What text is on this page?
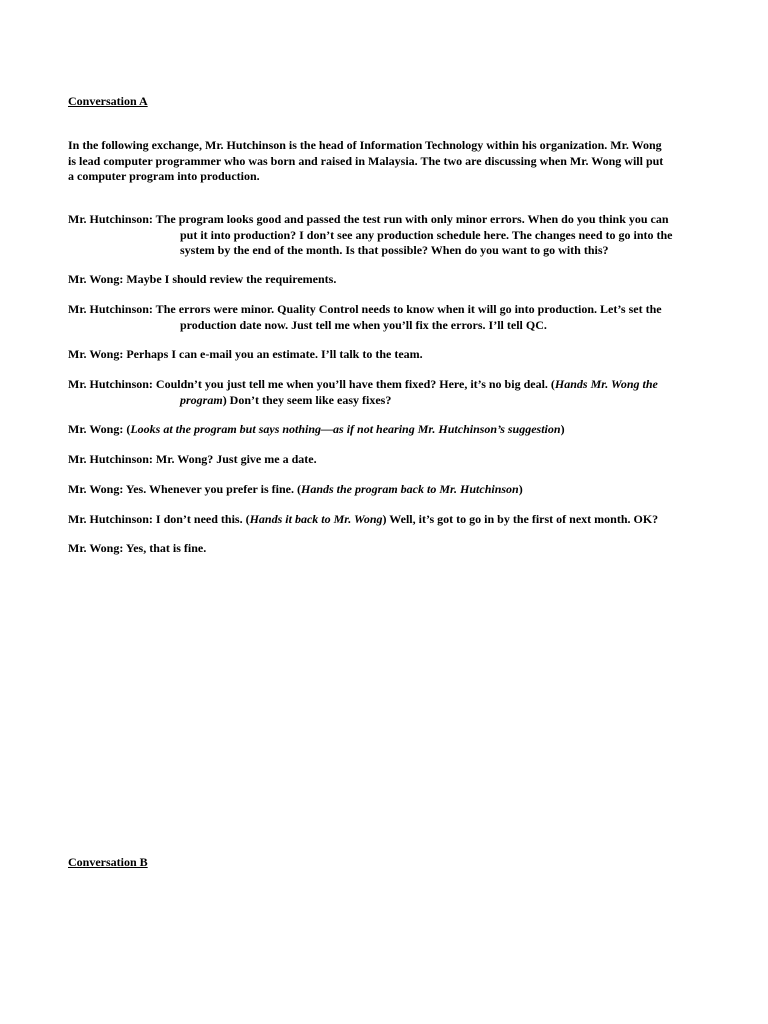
Conversation A
In the following exchange, Mr. Hutchinson is the head of Information Technology within his organization. Mr. Wong
is lead computer programmer who was born and raised in Malaysia. The two are discussing when Mr. Wong will put
a computer program into production.
Mr. Hutchinson: The program looks good and passed the test run with only minor errors. When do you think you can
put it into production? I don’t see any production schedule here. The changes need to go into the
system by the end of the month. Is that possible? When do you want to go with this?
Mr. Wong: Maybe I should review the requirements.
Mr. Hutchinson: The errors were minor. Quality Control needs to know when it will go into production. Let’s set the
production date now. Just tell me when you’ll fix the errors. I’ll tell QC.
Mr. Wong: Perhaps I can e-mail you an estimate. I’ll talk to the team.
Mr. Hutchinson: Couldn’t you just tell me when you’ll have them fixed? Here, it’s no big deal. (Hands Mr. Wong the
program) Don’t they seem like easy fixes?
Mr. Wong: (Looks at the program but says nothing—as if not hearing Mr. Hutchinson’s suggestion)
Mr. Hutchinson: Mr. Wong? Just give me a date.
Mr. Wong: Yes. Whenever you prefer is fine. (Hands the program back to Mr. Hutchinson)
Mr. Hutchinson: I don’t need this. (Hands it back to Mr. Wong) Well, it’s got to go in by the first of next month. OK?
Mr. Wong: Yes, that is fine.
Conversation B
